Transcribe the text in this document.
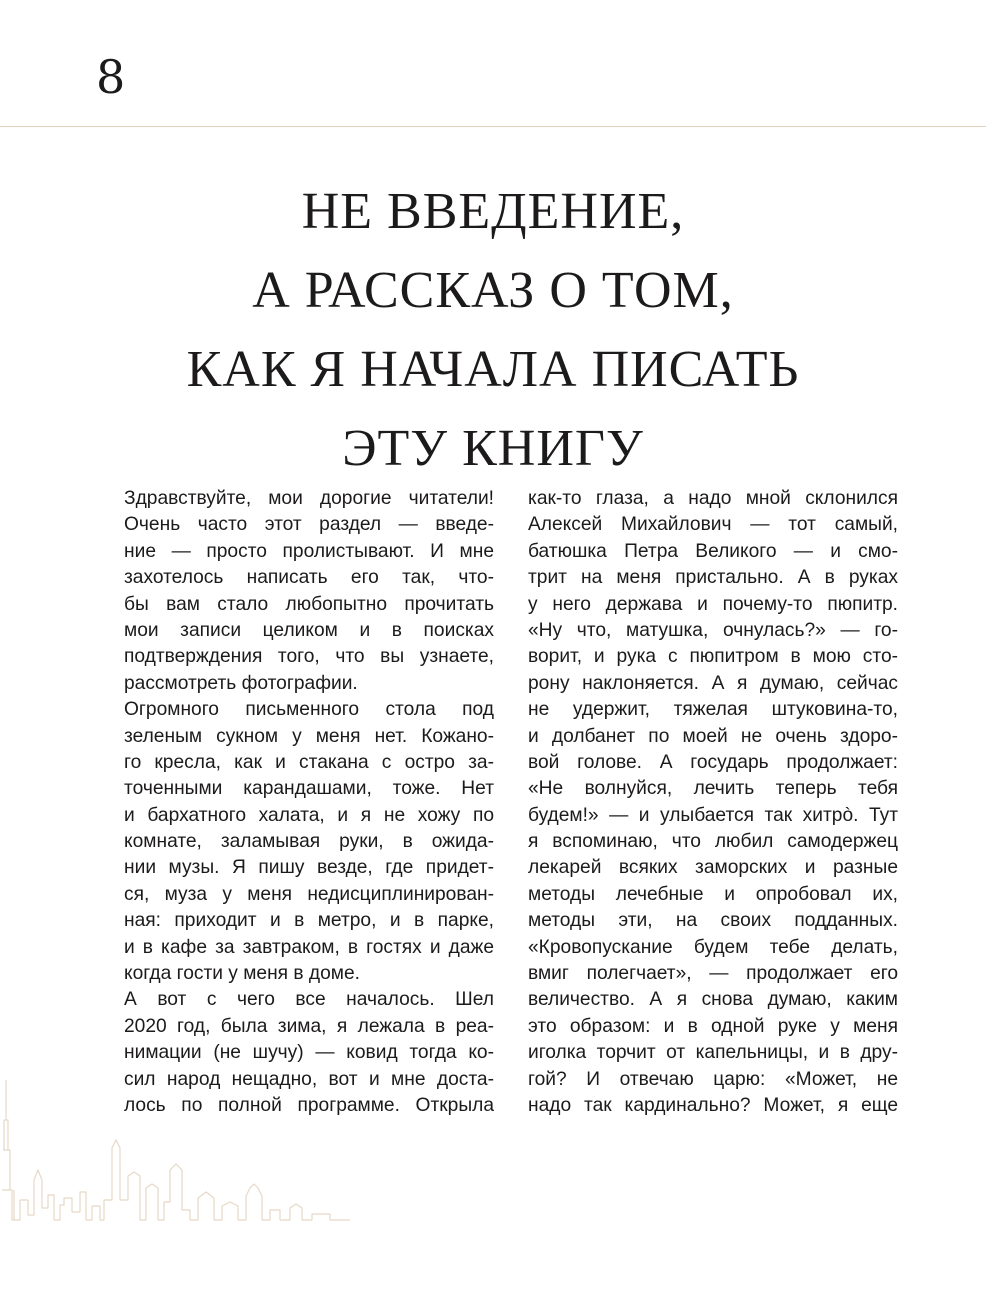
8
НЕ ВВЕДЕНИЕ,
А РАССКАЗ О ТОМ,
КАК Я НАЧАЛА ПИСАТЬ
ЭТУ КНИГУ
Здравствуйте, мои дорогие читатели!
Очень часто этот раздел — введе-
ние — просто пролистывают. И мне
захотелось написать его так, что-
бы вам стало любопытно прочитать
мои записи целиком и в поисках
подтверждения того, что вы узнаете,
рассмотреть фотографии.
Огромного письменного стола под
зеленым сукном у меня нет. Кожано-
го кресла, как и стакана с остро за-
точенными карандашами, тоже. Нет
и бархатного халата, и я не хожу по
комнате, заламывая руки, в ожида-
нии музы. Я пишу везде, где придет-
ся, муза у меня недисциплинирован-
ная: приходит и в метро, и в парке,
и в кафе за завтраком, в гостях и даже
когда гости у меня в доме.
А вот с чего все началось. Шел
2020 год, была зима, я лежала в реа-
нимации (не шучу) — ковид тогда ко-
сил народ нещадно, вот и мне доста-
лось по полной программе. Открыла
как-то глаза, а надо мной склонился
Алексей Михайлович — тот самый,
батюшка Петра Великого — и смо-
трит на меня пристально. А в руках
у него держава и почему-то пюпитр.
«Ну что, матушка, очнулась?» — го-
ворит, и рука с пюпитром в мою сто-
рону наклоняется. А я думаю, сейчас
не удержит, тяжелая штуковина-то,
и долбанет по моей не очень здоро-
вой голове. А государь продолжает:
«Не волнуйся, лечить теперь тебя
будем!» — и улыбается так хитрò. Тут
я вспоминаю, что любил самодержец
лекарей всяких заморских и разные
методы лечебные и опробовал их,
методы эти, на своих подданных.
«Кровопускание будем тебе делать,
вмиг полегчает», — продолжает его
величество. А я снова думаю, каким
это образом: и в одной руке у меня
иголка торчит от капельницы, и в дру-
гой? И отвечаю царю: «Может, не
надо так кардинально? Может, я еще
